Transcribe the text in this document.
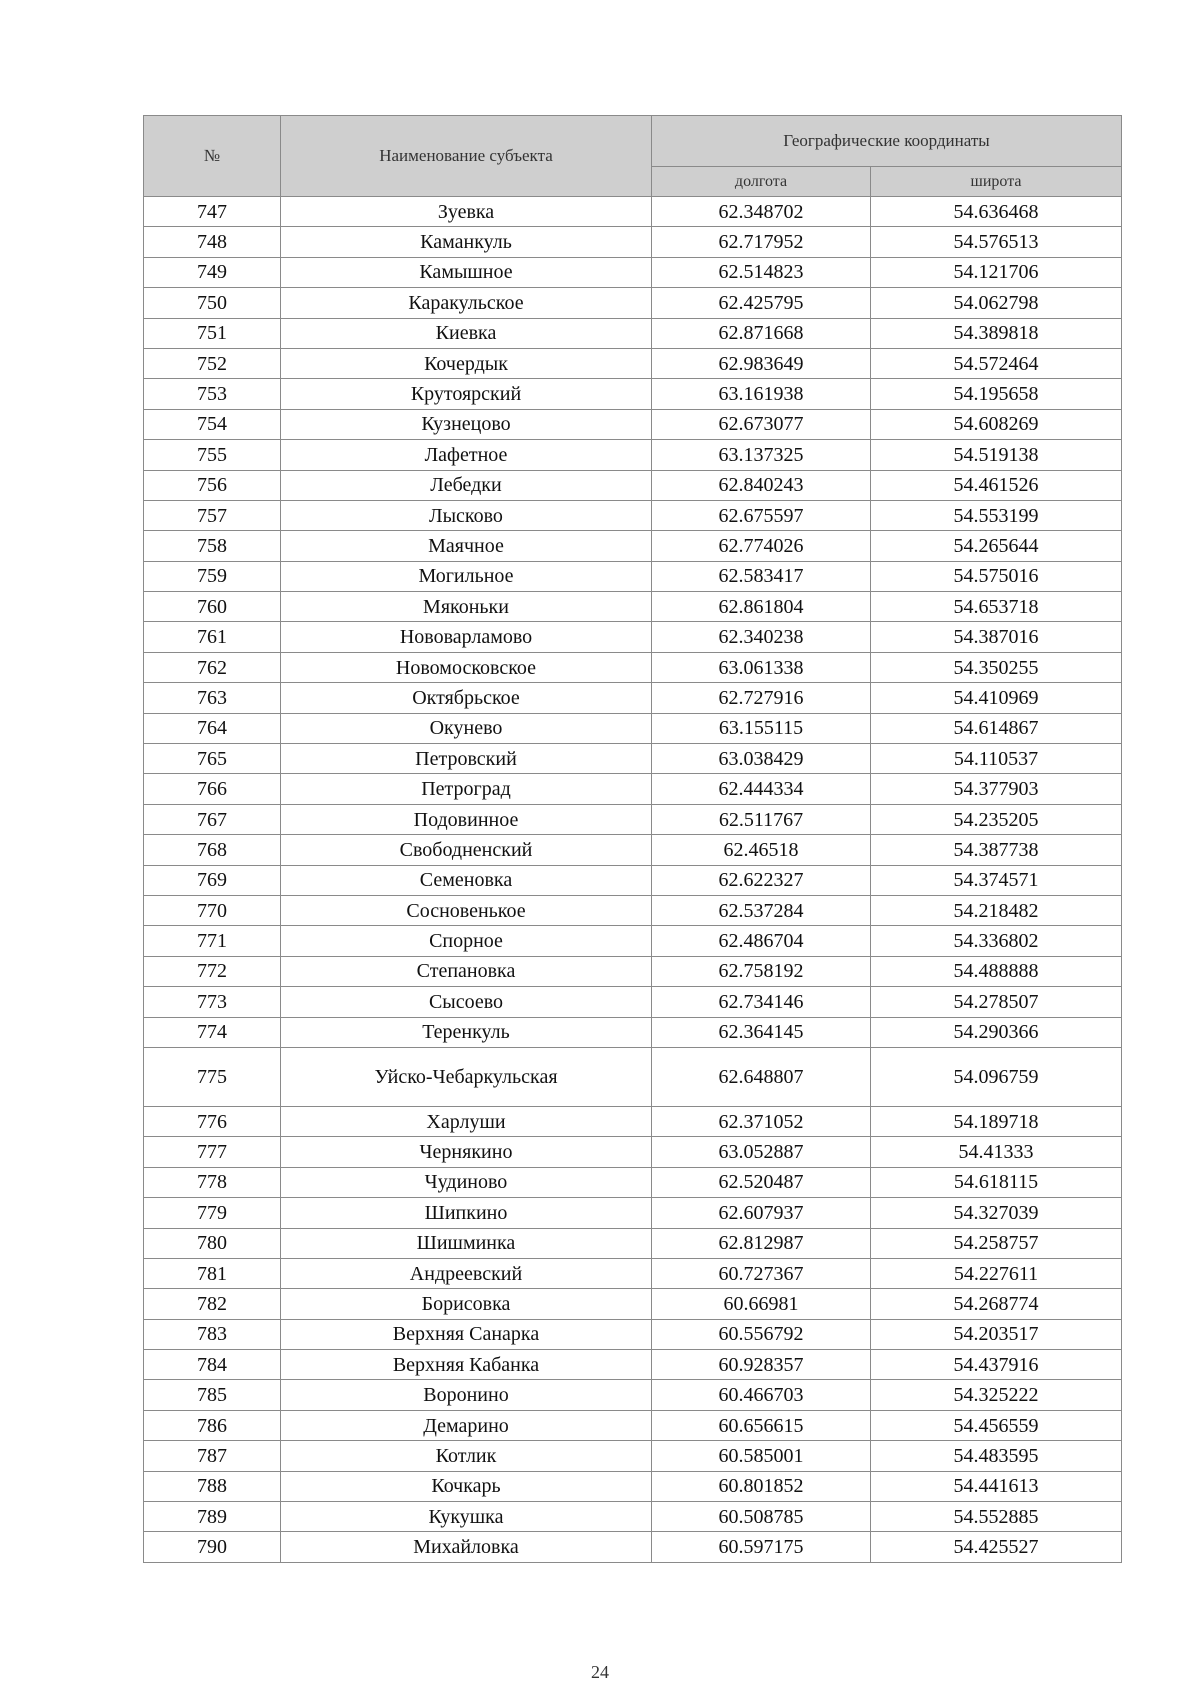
№	Наименование субъекта	Географические координаты	
		долгота	широта
747	Зуевка	62.348702	54.636468
748	Каманкуль	62.717952	54.576513
749	Камышное	62.514823	54.121706
750	Каракульское	62.425795	54.062798
751	Киевка	62.871668	54.389818
752	Кочердык	62.983649	54.572464
753	Крутоярский	63.161938	54.195658
754	Кузнецово	62.673077	54.608269
755	Лафетное	63.137325	54.519138
756	Лебедки	62.840243	54.461526
757	Лысково	62.675597	54.553199
758	Маячное	62.774026	54.265644
759	Могильное	62.583417	54.575016
760	Мяконьки	62.861804	54.653718
761	Нововарламово	62.340238	54.387016
762	Новомосковское	63.061338	54.350255
763	Октябрьское	62.727916	54.410969
764	Окунево	63.155115	54.614867
765	Петровский	63.038429	54.110537
766	Петроград	62.444334	54.377903
767	Подовинное	62.511767	54.235205
768	Свободненский	62.46518	54.387738
769	Семеновка	62.622327	54.374571
770	Сосновенькое	62.537284	54.218482
771	Спорное	62.486704	54.336802
772	Степановка	62.758192	54.488888
773	Сысоево	62.734146	54.278507
774	Теренкуль	62.364145	54.290366
775	Уйско-Чебаркульская	62.648807	54.096759
776	Харлуши	62.371052	54.189718
777	Чернякино	63.052887	54.41333
778	Чудиново	62.520487	54.618115
779	Шипкино	62.607937	54.327039
780	Шишминка	62.812987	54.258757
781	Андреевский	60.727367	54.227611
782	Борисовка	60.66981	54.268774
783	Верхняя Санарка	60.556792	54.203517
784	Верхняя Кабанка	60.928357	54.437916
785	Воронино	60.466703	54.325222
786	Демарино	60.656615	54.456559
787	Котлик	60.585001	54.483595
788	Кочкарь	60.801852	54.441613
789	Кукушка	60.508785	54.552885
790	Михайловка	60.597175	54.425527
24
